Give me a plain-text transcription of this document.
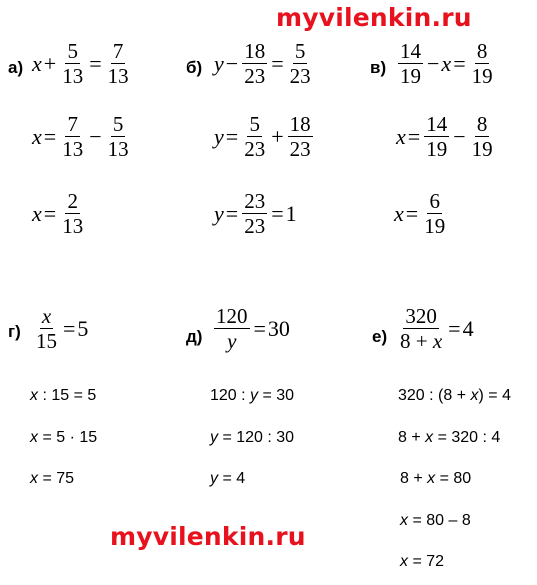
myvilenkin.ru
myvilenkin.ru
а) $x + \frac{5}{13} = \frac{7}{13}$
$x = \frac{7}{13} - \frac{5}{13}$
$x = \frac{2}{13}$
б) $y - \frac{18}{23} = \frac{5}{23}$
$y = \frac{5}{23} + \frac{18}{23}$
$y = \frac{23}{23} = 1$
$в) \frac{14}{19} - x = \frac{8}{19}$
$x = \frac{14}{19} - \frac{8}{19}$
$x = \frac{6}{19}$
$г) \frac{x}{15} = 5$
x : 15 = 5
x = 5 · 15
x = 75
$д) \frac{120}{y} = 30$
120 : y = 30
y = 120 : 30
y = 4
$е) \frac{320}{8 + x} = 4$
320 : (8 + x) = 4
8 + x = 320 : 4
8 + x = 80
x = 80 – 8
x = 72
